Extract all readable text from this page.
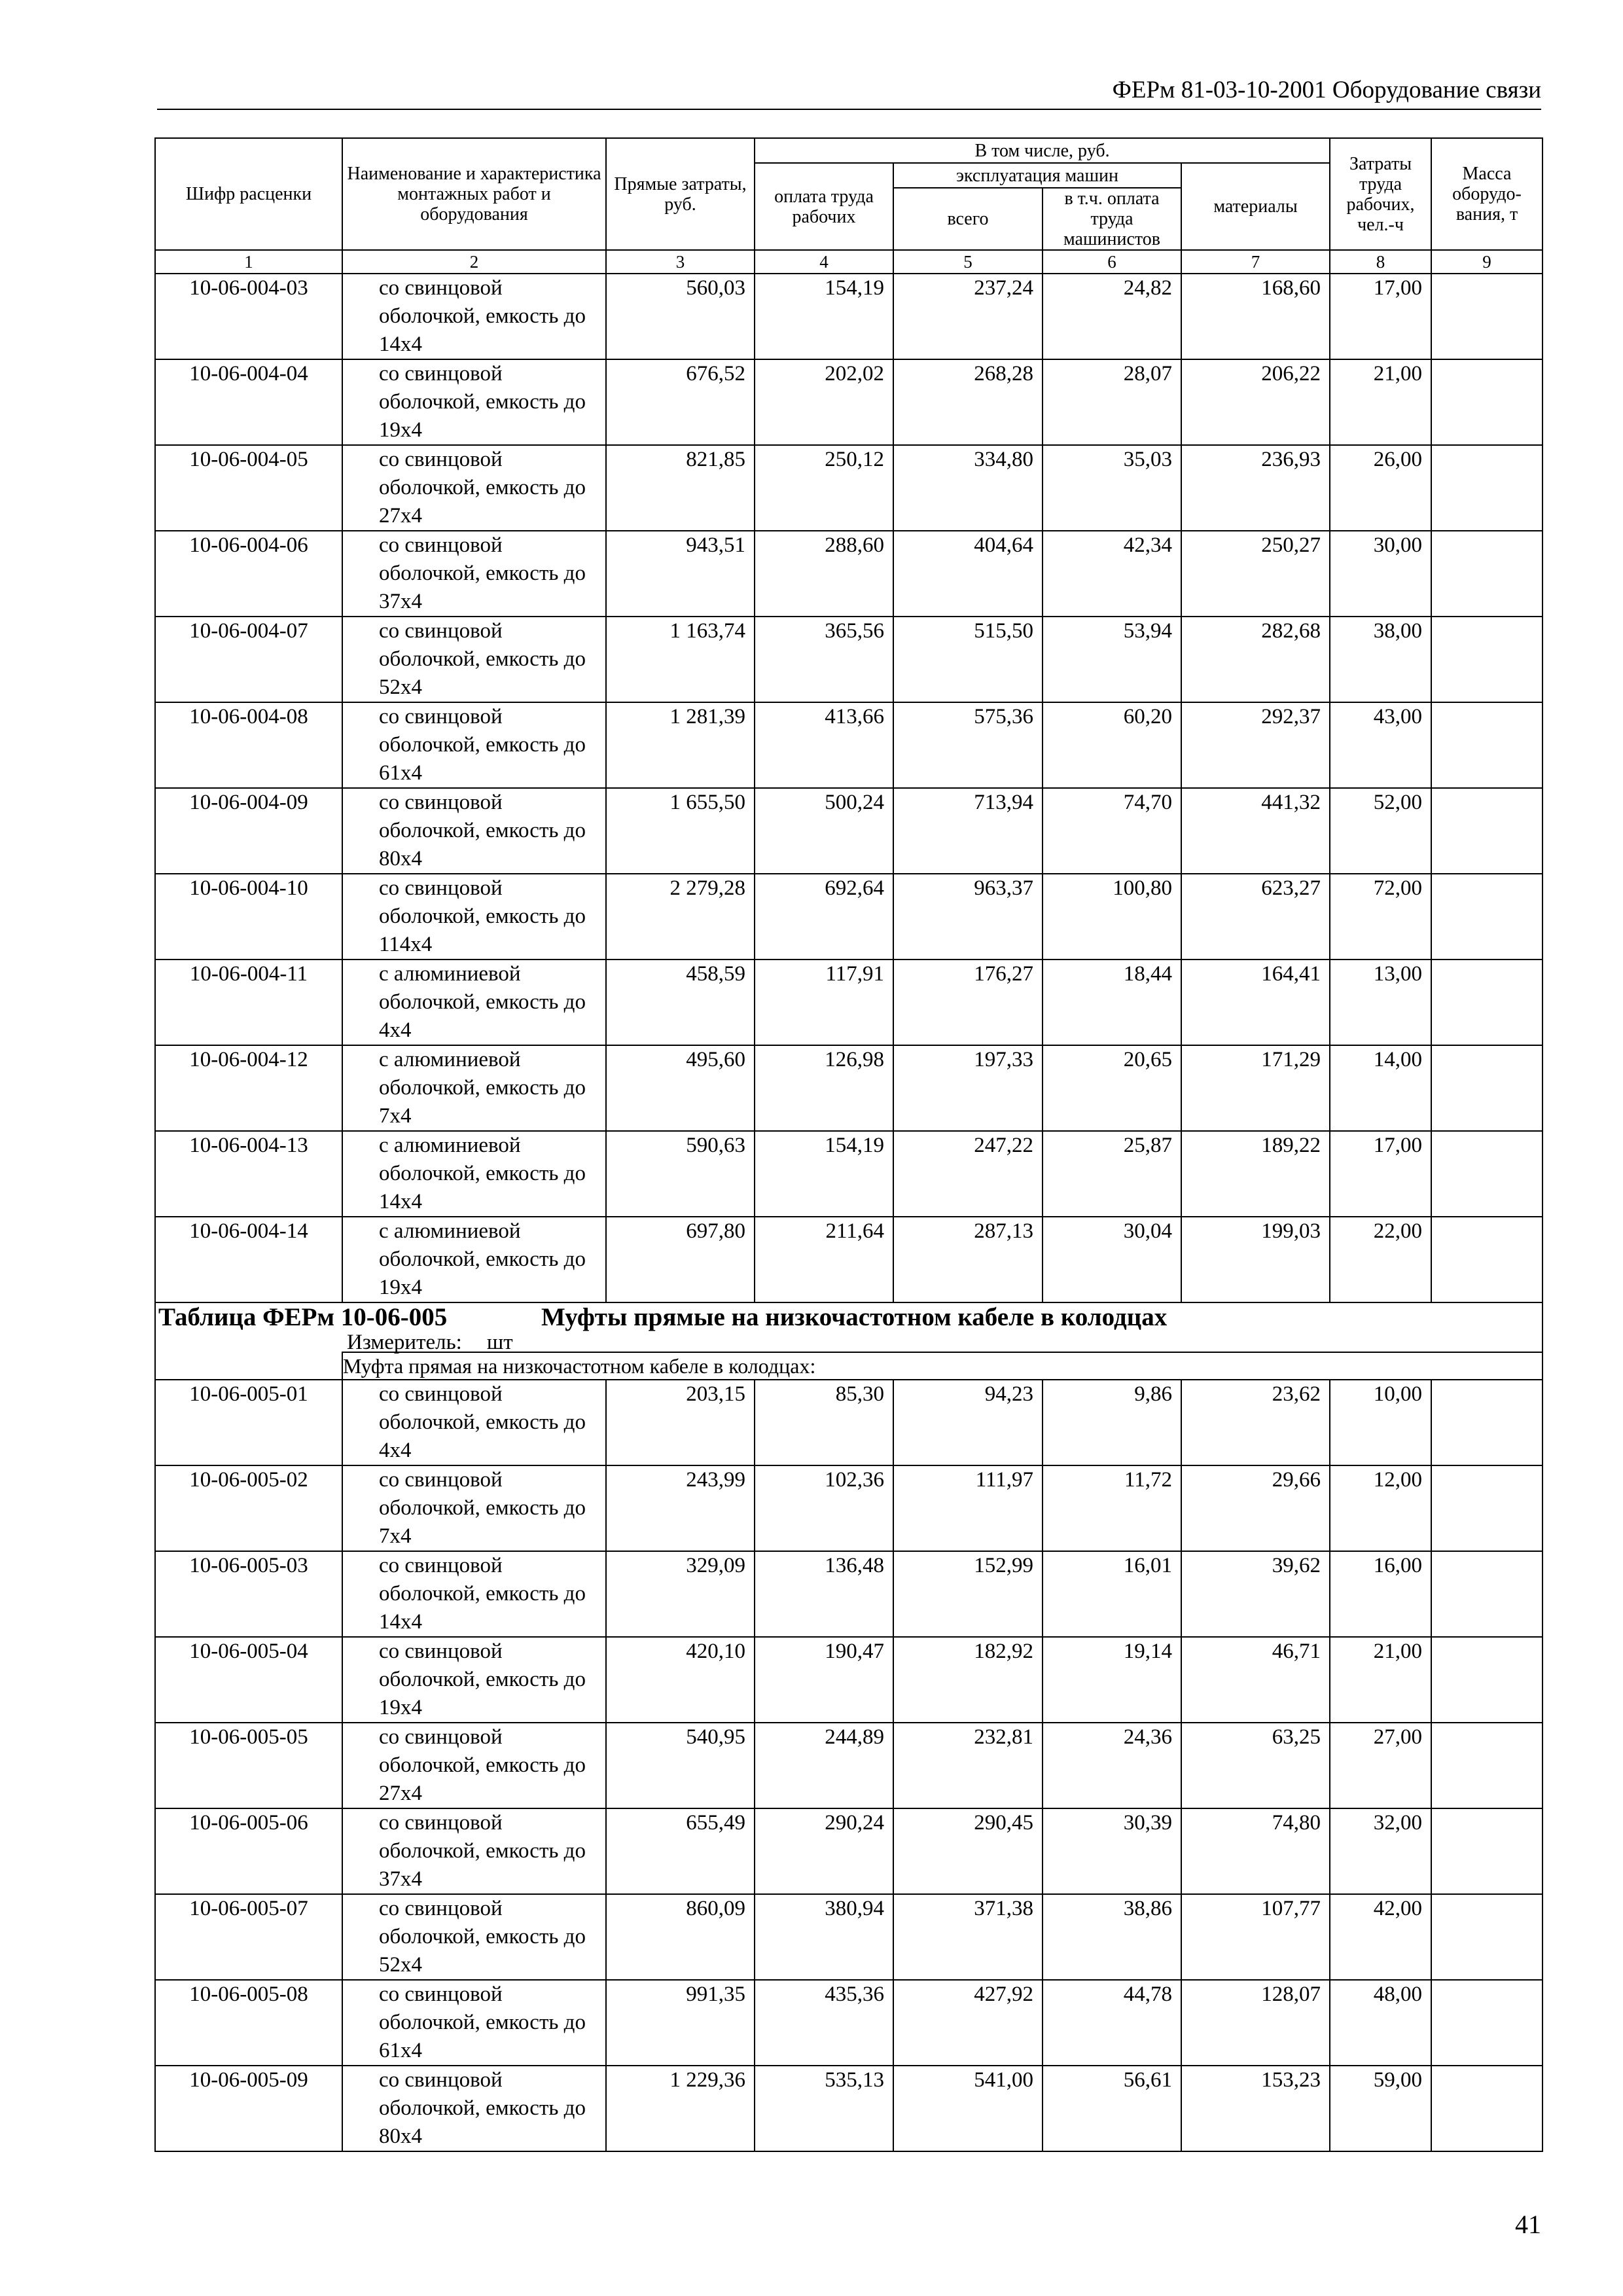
ФЕРм 81-03-10-2001 Оборудование связи
Шифр расценки	Наименование и характеристика монтажных работ и оборудования	Прямые затраты, руб.	В том числе, руб.				Затраты труда рабочих, чел.-ч	Масса оборудо-вания, т
			оплата труда рабочих	эксплуатация машин		материалы		
				всего	в т.ч. оплата труда машинистов			
1	2	3	4	5	6	7	8	9
10-06-004-03	со свинцовой оболочкой, емкость до 14x4	560,03	154,19	237,24	24,82	168,60	17,00	
10-06-004-04	со свинцовой оболочкой, емкость до 19x4	676,52	202,02	268,28	28,07	206,22	21,00	
10-06-004-05	со свинцовой оболочкой, емкость до 27x4	821,85	250,12	334,80	35,03	236,93	26,00	
10-06-004-06	со свинцовой оболочкой, емкость до 37x4	943,51	288,60	404,64	42,34	250,27	30,00	
10-06-004-07	со свинцовой оболочкой, емкость до 52x4	1 163,74	365,56	515,50	53,94	282,68	38,00	
10-06-004-08	со свинцовой оболочкой, емкость до 61x4	1 281,39	413,66	575,36	60,20	292,37	43,00	
10-06-004-09	со свинцовой оболочкой, емкость до 80x4	1 655,50	500,24	713,94	74,70	441,32	52,00	
10-06-004-10	со свинцовой оболочкой, емкость до 114x4	2 279,28	692,64	963,37	100,80	623,27	72,00	
10-06-004-11	с алюминиевой оболочкой, емкость до 4x4	458,59	117,91	176,27	18,44	164,41	13,00	
10-06-004-12	с алюминиевой оболочкой, емкость до 7x4	495,60	126,98	197,33	20,65	171,29	14,00	
10-06-004-13	с алюминиевой оболочкой, емкость до 14x4	590,63	154,19	247,22	25,87	189,22	17,00	
10-06-004-14	с алюминиевой оболочкой, емкость до 19x4	697,80	211,64	287,13	30,04	199,03	22,00	

Таблица ФЕРм 10-06-005 Муфты прямые на низкочастотном кабеле в колодцах
Измеритель: шт								

	Муфта прямая на низкочастотном кабеле в колодцах:							
10-06-005-01	со свинцовой оболочкой, емкость до 4x4	203,15	85,30	94,23	9,86	23,62	10,00	
10-06-005-02	со свинцовой оболочкой, емкость до 7x4	243,99	102,36	111,97	11,72	29,66	12,00	
10-06-005-03	со свинцовой оболочкой, емкость до 14x4	329,09	136,48	152,99	16,01	39,62	16,00	
10-06-005-04	со свинцовой оболочкой, емкость до 19x4	420,10	190,47	182,92	19,14	46,71	21,00	
10-06-005-05	со свинцовой оболочкой, емкость до 27x4	540,95	244,89	232,81	24,36	63,25	27,00	
10-06-005-06	со свинцовой оболочкой, емкость до 37x4	655,49	290,24	290,45	30,39	74,80	32,00	
10-06-005-07	со свинцовой оболочкой, емкость до 52x4	860,09	380,94	371,38	38,86	107,77	42,00	
10-06-005-08	со свинцовой оболочкой, емкость до 61x4	991,35	435,36	427,92	44,78	128,07	48,00	
10-06-005-09	со свинцовой оболочкой, емкость до 80x4	1 229,36	535,13	541,00	56,61	153,23	59,00	
41
